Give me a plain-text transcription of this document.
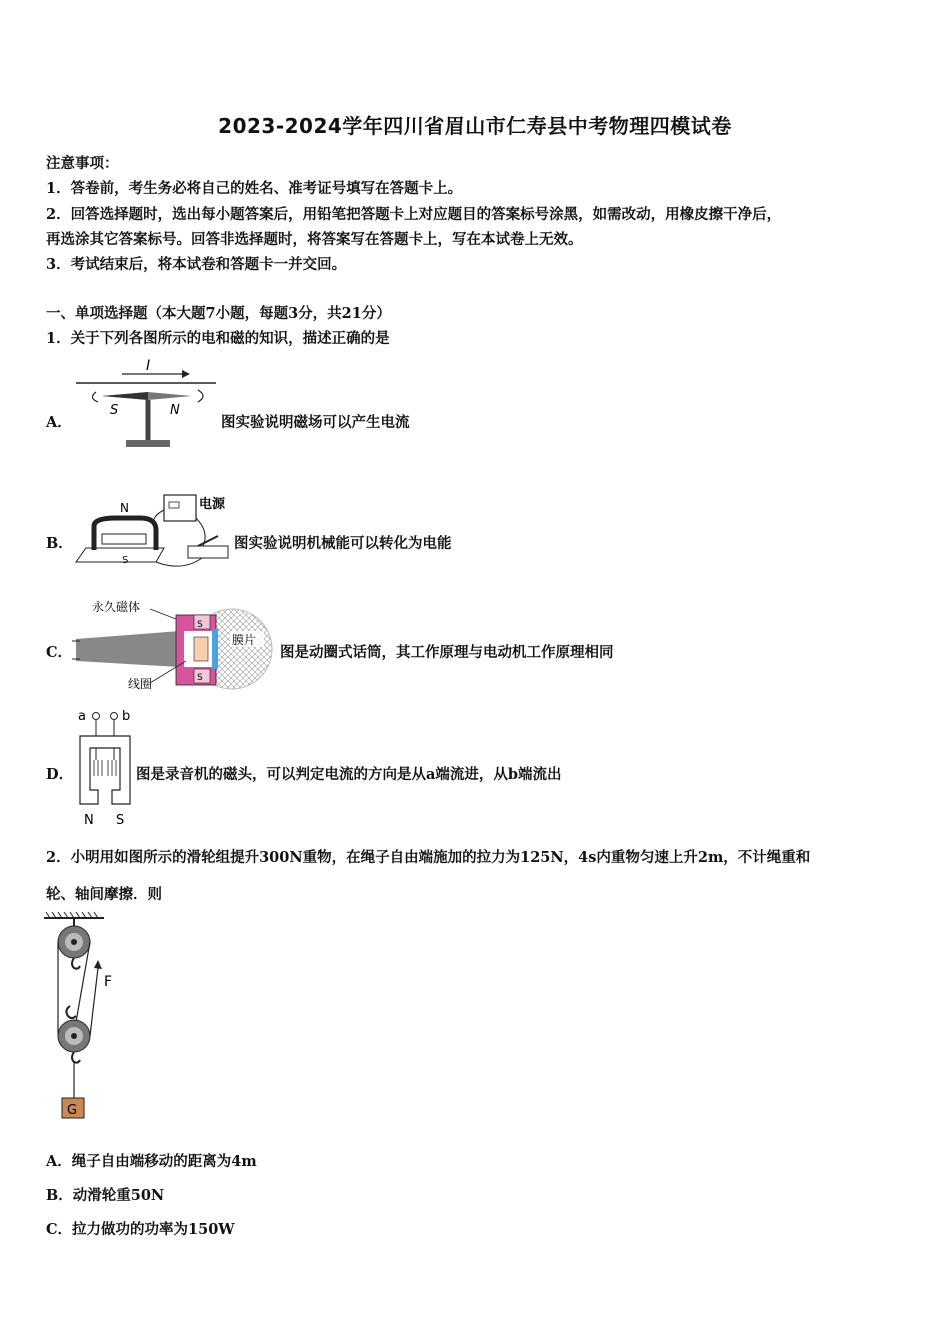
2023-2024学年四川省眉山市仁寿县中考物理四模试卷
注意事项：
1．答卷前，考生务必将自己的姓名、准考证号填写在答题卡上。
2．回答选择题时，选出每小题答案后，用铅笔把答题卡上对应题目的答案标号涂黑，如需改动，用橡皮擦干净后，
再选涂其它答案标号。回答非选择题时，将答案写在答题卡上，写在本试卷上无效。
3．考试结束后，将本试卷和答题卡一并交回。
一、单项选择题（本大题7小题，每题3分，共21分）
1．关于下列各图所示的电和磁的知识，描述正确的是
A．
I
S	N
图实验说明磁场可以产生电流
B．
N
S
电源
图实验说明机械能可以转化为电能
C．
永久磁体
S
S
膜片
线圈
图是动圈式话筒，其工作原理与电动机工作原理相同
D．
a	b
N S
图是录音机的磁头，可以判定电流的方向是从a端流进，从b端流出
2．小明用如图所示的滑轮组提升300N重物，在绳子自由端施加的拉力为125N，4s内重物匀速上升2m，不计绳重和
轮、轴间摩擦．则
F
G
A．绳子自由端移动的距离为4m
B．动滑轮重50N
C．拉力做功的功率为150W
